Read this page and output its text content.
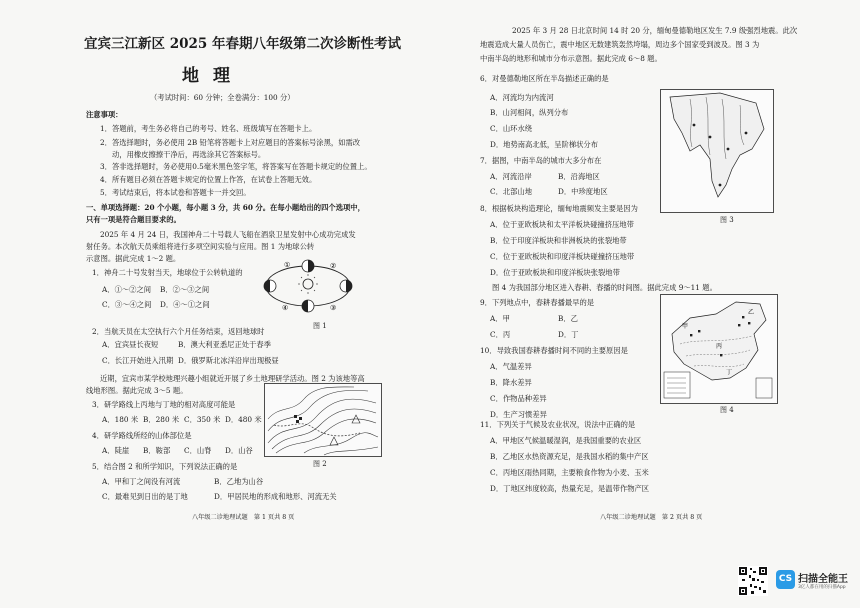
宜宾三江新区 2025 年春期八年级第二次诊断性考试
地理
（考试时间：60 分钟；全卷满分：100 分）
注意事项：
1．答题前，考生务必将自己的考号、姓名、班级填写在答题卡上。
2．答选择题时，务必使用 2B 铅笔将答题卡上对应题目的答案标号涂黑，如需改
动，用橡皮擦擦干净后，再选涂其它答案标号。
3．答非选择题时，务必使用0.5毫米黑色签字笔，将答案写在答题卡规定的位置上。
4．所有题目必须在答题卡规定的位置上作答，在试卷上答题无效。
5．考试结束后，将本试卷和答题卡一并交回。
一、单项选择题：20 个小题，每小题 3 分，共 60 分。在每小题给出的四个选项中，
只有一项是符合题目要求的。
2025 年 4 月 24 日，我国神舟二十号载人飞船在酒泉卫星发射中心成功完成发
射任务。本次航天员乘组将进行多项空间实验与应用。图 1 为地球公转
示意图。据此完成 1～2 题。
1．神舟二十号发射当天，地球位于公转轨道的
A．①～②之间 B．②～③之间
C．③～④之间 D．④～①之间
①	②
③
④
图 1
2．当航天员在太空执行六个月任务结束，返回地球时
A．宜宾昼长夜短	B．澳大利亚悉尼正处于春季
C．长江开始进入汛期 D．俄罗斯北冰洋沿岸出现极昼
近期，宜宾市某学校地理兴趣小组就近开展了乡土地理研学活动。图 2 为该地等高
线地形图。据此完成 3～5 题。
3．研学路线上丙地与丁地的相对高度可能是
A．180 米 B．280 米 C．350 米 D．480 米
4．研学路线所经的山体部位是
A．陡崖 B．鞍部 C．山脊 D．山谷
图 2
5．结合图 2 和所学知识，下列说法正确的是
A．甲和丁之间没有河流	B．乙地为山谷
C．最难见到日出的是丁地	D．甲居民地的形成和地形、河流无关
八年级二诊地理试题　第 1 页共 8 页
2025 年 3 月 28 日北京时间 14 时 20 分，缅甸曼德勒地区发生 7.9 级强烈地震。此次
地震造成大量人员伤亡，震中地区无数建筑轰然垮塌，周边多个国家受到波及。图 3 为
中南半岛的地形和城市分布示意图。据此完成 6～8 题。
6．对曼德勒地区所在半岛描述正确的是
A．河流均为内流河
B．山河相间，纵列分布
C．山环水绕
D．地势南高北低，呈阶梯状分布
7．据图，中南半岛的城市大多分布在
A．河流沿岸	B．沿海地区
C．北部山地	D．中珍度地区
图 3
8．根据板块构造理论，缅甸地震频发主要是因为
A．位于亚欧板块和太平洋板块碰撞挤压地带
B．位于印度洋板块和非洲板块的张裂地带
C．位于亚欧板块和印度洋板块碰撞挤压地带
D．位于亚欧板块和印度洋板块张裂地带
图 4 为我国部分地区进入春耕、春播的时间图。据此完成 9～11 题。
甲
乙
丙
丁
图 4
9．下列地点中，春耕春播最早的是
A．甲	B．乙
C．丙	D．丁
10．导致我国春耕春播时间不同的主要原因是
A．气温差异
B．降水差异
C．作物品种差异
D．生产习惯差异
11．下列关于气候及农业状况，说法中正确的是
A．甲地区气候温暖湿润，是我国重要的农业区
B．乙地区水热资源充足，是我国水稻的集中产区
C．丙地区雨热同期，主要粮食作物为小麦、玉米
D．丁地区纬度较高，热量充足，是温带作物产区
八年级二诊地理试题　第 2 页共 8 页
CS 扫描全能王
3亿人都在用的扫描App
